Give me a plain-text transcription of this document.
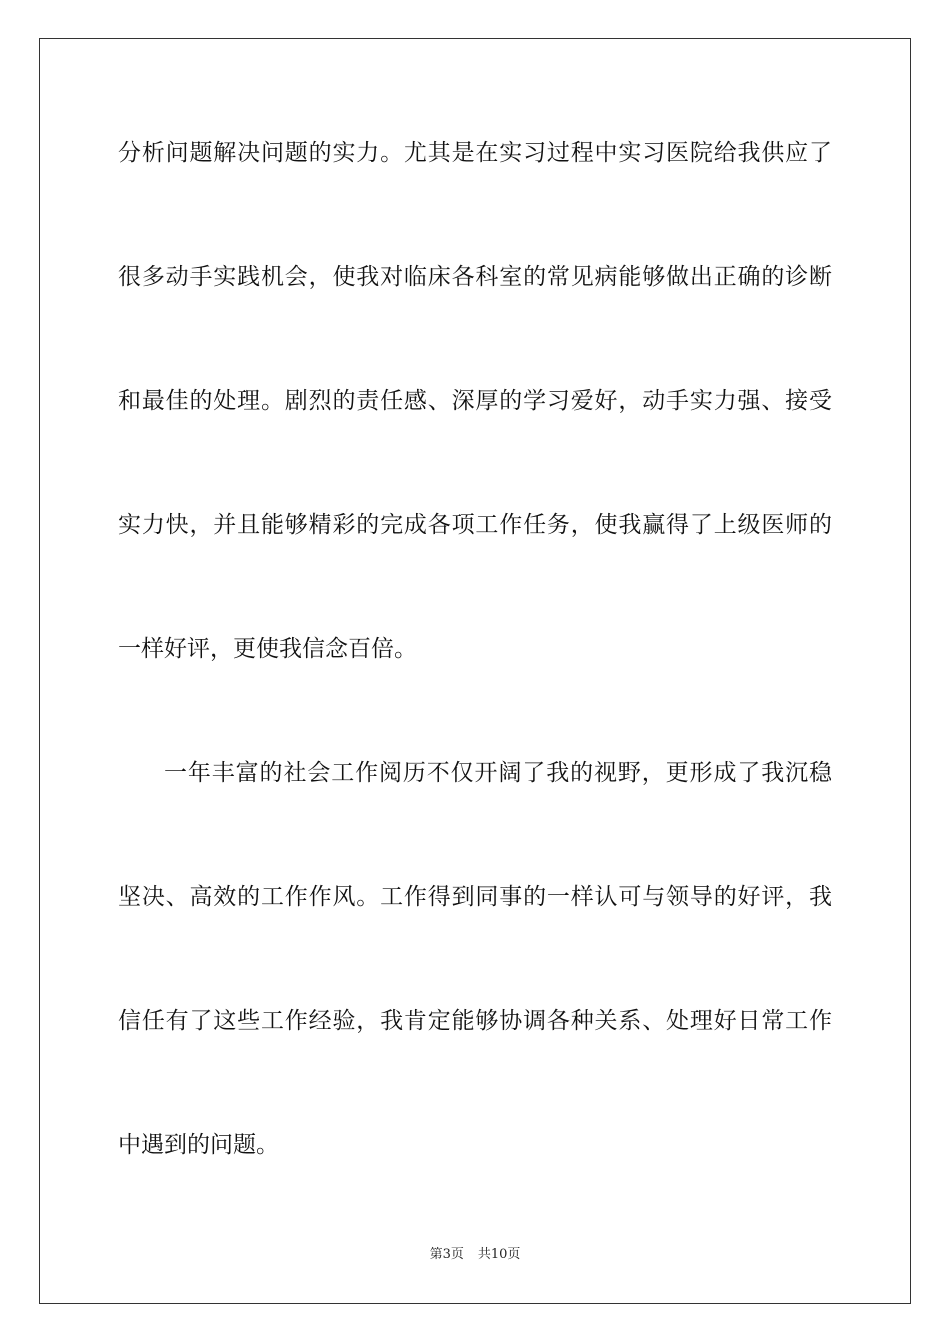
分析问题解决问题的实力。尤其是在实习过程中实习医院给我供应了
很多动手实践机会，使我对临床各科室的常见病能够做出正确的诊断
和最佳的处理。剧烈的责任感、深厚的学习爱好，动手实力强、接受
实力快，并且能够精彩的完成各项工作任务，使我赢得了上级医师的
一样好评，更使我信念百倍。
一年丰富的社会工作阅历不仅开阔了我的视野，更形成了我沉稳
坚决、高效的工作作风。工作得到同事的一样认可与领导的好评，我
信任有了这些工作经验，我肯定能够协调各种关系、处理好日常工作
中遇到的问题。
第3页 共10页
